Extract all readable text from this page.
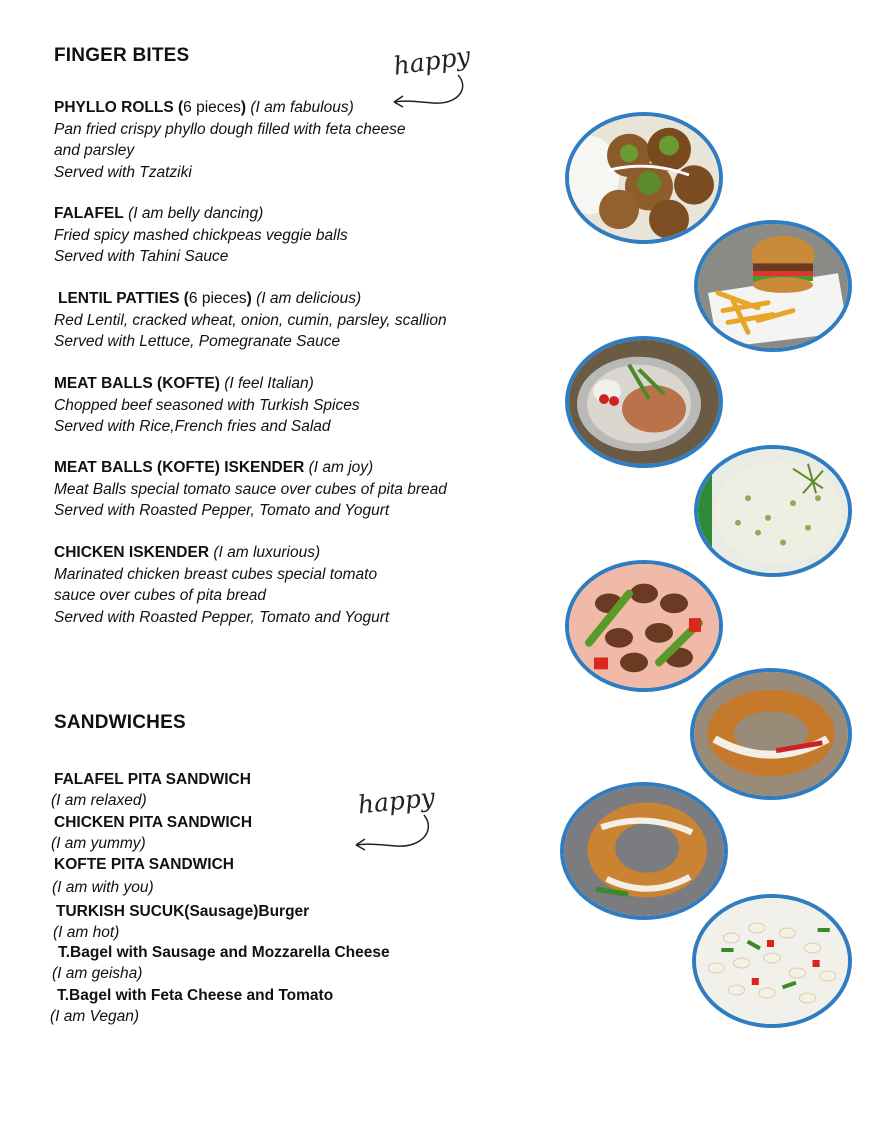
FINGER BITES
PHYLLO ROLLS (6 pieces) (I am fabulous)
Pan fried crispy phyllo dough filled with feta cheese
and parsley
Served with Tzatziki
FALAFEL (I am belly dancing)
Fried spicy mashed chickpeas veggie balls
Served with Tahini Sauce
LENTIL PATTIES (6 pieces) (I am delicious)
Red Lentil, cracked wheat, onion, cumin, parsley, scallion
Served with Lettuce, Pomegranate Sauce
MEAT BALLS (KOFTE) (I feel Italian)
Chopped beef seasoned with Turkish Spices
Served with Rice,French fries and Salad
MEAT BALLS (KOFTE) ISKENDER (I am joy)
Meat Balls special tomato sauce over cubes of pita bread
Served with Roasted Pepper, Tomato and Yogurt
CHICKEN ISKENDER (I am luxurious)
Marinated chicken breast cubes special tomato
sauce over cubes of pita bread
Served with Roasted Pepper, Tomato and Yogurt
SANDWICHES
FALAFEL PITA SANDWICH
(I am relaxed)
CHICKEN PITA SANDWICH
(I am yummy)
KOFTE PITA SANDWICH
(I am with you)
TURKISH SUCUK(Sausage)Burger
(I am hot)
T.Bagel with Sausage and Mozzarella Cheese
(I am geisha)
T.Bagel with Feta Cheese and Tomato
(I am Vegan)
happy
happy
